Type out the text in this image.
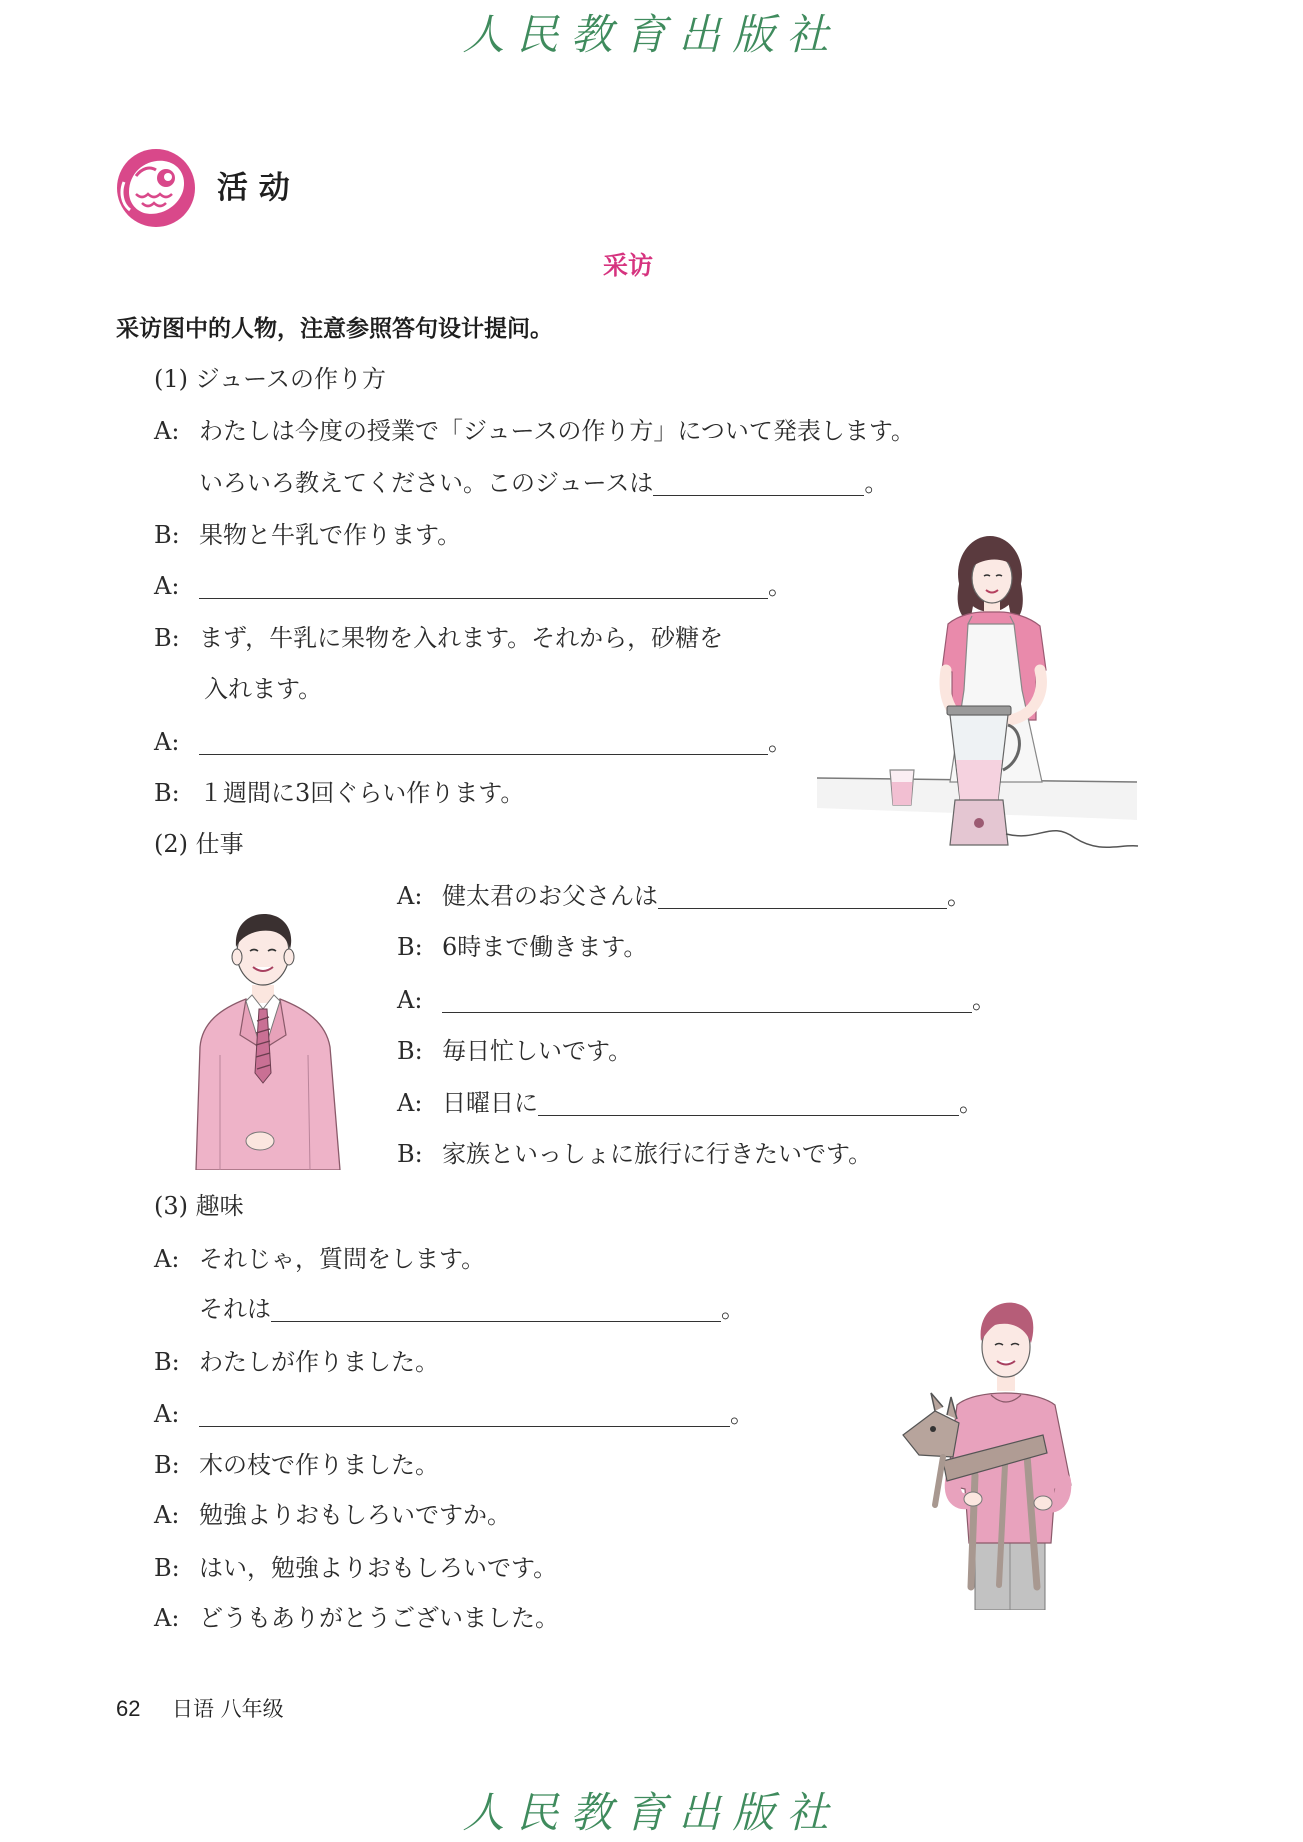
人民教育出版社
活 动
采访
采访图中的人物，注意参照答句设计提问。
(1) ジュースの作り方
A: わたしは今度の授業で「ジュースの作り方」について発表します。
いろいろ教えてください。このジュースは	。
B: 果物と牛乳で作ります。
A:	。
B: まず，牛乳に果物を入れます。それから，砂糖を
入れます。
A:	。
B: １週間に3回ぐらい作ります。
(2) 仕事
A: 健太君のお父さんは	。
B: 6時まで働きます。
A:	。
B: 毎日忙しいです。
A: 日曜日に	。
B: 家族といっしょに旅行に行きたいです。
(3) 趣味
A: それじゃ，質問をします。
それは	。
B: わたしが作りました。
A:	。
B: 木の枝で作りました。
A: 勉強よりおもしろいですか。
B: はい，勉強よりおもしろいです。
A: どうもありがとうございました。
62 日语 八年级
人民教育出版社
